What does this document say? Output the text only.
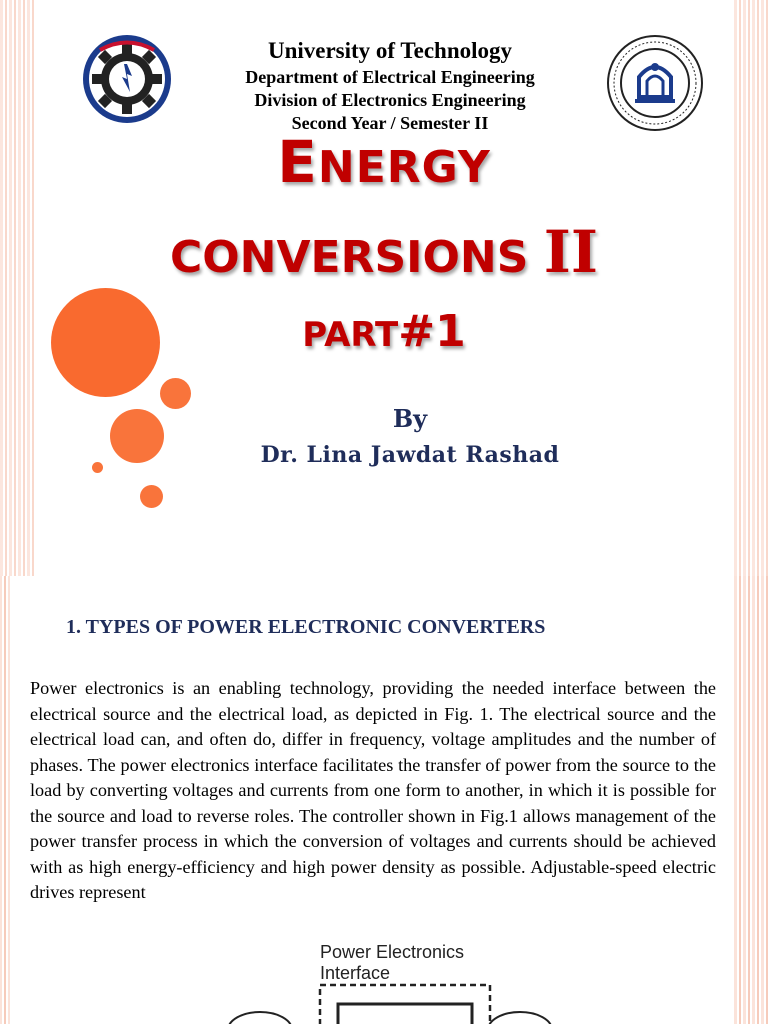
University of Technology
Department of Electrical Engineering
Division of Electronics Engineering
Second Year / Semester II
ENERGY
CONVERSIONS II
PART#1
By
Dr. Lina Jawdat Rashad
1. TYPES OF POWER ELECTRONIC CONVERTERS
Power electronics is an enabling technology, providing the needed interface between the electrical source and the electrical load, as depicted in Fig. 1. The electrical source and the electrical load can, and often do, differ in frequency, voltage amplitudes and the number of phases. The power electronics interface facilitates the transfer of power from the source to the load by converting voltages and currents from one form to another, in which it is possible for the source and load to reverse roles. The controller shown in Fig.1 allows management of the power transfer process in which the conversion of voltages and currents should be achieved with as high energy-efficiency and high power density as possible. Adjustable-speed electric drives represent
Power Electronics
Interface
